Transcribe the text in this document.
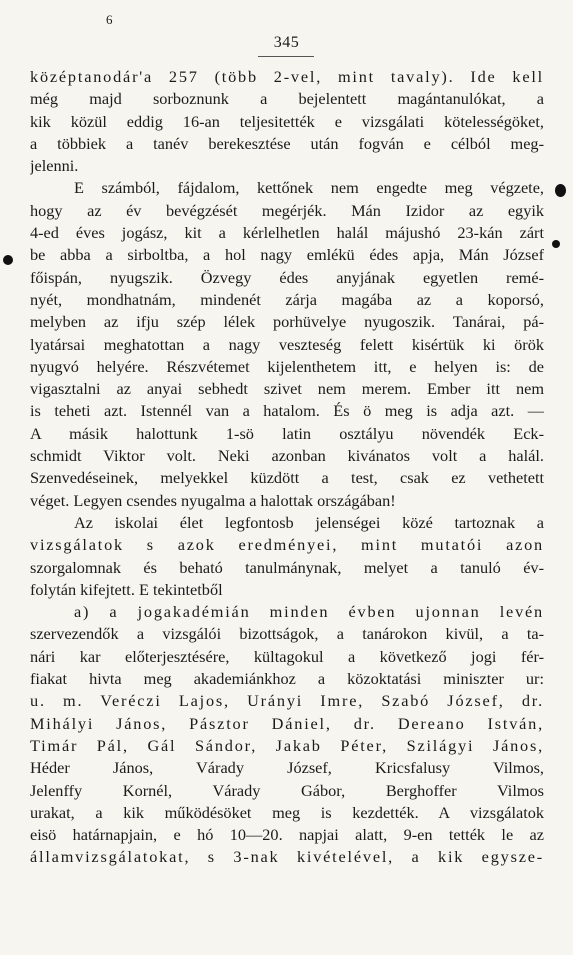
6
345
középtanodár'a 257 (több 2-vel, mint tavaly). Ide kell
még majd sorboznunk a bejelentett magántanulókat, a
kik közül eddig 16-an teljesitették e vizsgálati kötelességöket,
a többiek a tanév berekesztése után fogván e célból meg-
jelenni.
E számból, fájdalom, kettőnek nem engedte meg végzete,
hogy az év bevégzését megérjék. Mán Izidor az egyik
4-ed éves jogász, kit a kérlelhetlen halál májushó 23-kán zárt
be abba a sirboltba, a hol nagy emlékü édes apja, Mán József
főispán, nyugszik. Özvegy édes anyjának egyetlen remé-
nyét, mondhatnám, mindenét zárja magába az a koporsó,
melyben az ifju szép lélek porhüvelye nyugoszik. Tanárai, pá-
lyatársai meghatottan a nagy veszteség felett kisértük ki örök
nyugvó helyére. Részvétemet kijelenthetem itt, e helyen is: de
vigasztalni az anyai sebhedt szivet nem merem. Ember itt nem
is teheti azt. Istennél van a hatalom. És ö meg is adja azt. —
A másik halottunk 1-sö latin osztályu növendék Eck-
schmidt Viktor volt. Neki azonban kivánatos volt a halál.
Szenvedéseinek, melyekkel küzdött a test, csak ez vethetett
véget. Legyen csendes nyugalma a halottak országában!
Az iskolai élet legfontosb jelenségei közé tartoznak a
vizsgálatok s azok eredményei, mint mutatói azon
szorgalomnak és beható tanulmánynak, melyet a tanuló év-
folytán kifejtett. E tekintetből
a) a jogakadémián minden évben ujonnan levén
szervezendők a vizsgálói bizottságok, a tanárokon kivül, a ta-
nári kar előterjesztésére, kültagokul a következő jogi fér-
fiakat hivta meg akademiánkhoz a közoktatási miniszter ur:
u. m. Veréczi Lajos, Urányi Imre, Szabó József, dr.
Mihályi János, Pásztor Dániel, dr. Dereano István,
Timár Pál, Gál Sándor, Jakab Péter, Szilágyi János,
Héder János, Várady József, Kricsfalusy Vilmos,
Jelenffy Kornél, Várady Gábor, Berghoffer Vilmos
urakat, a kik működésöket meg is kezdették. A vizsgálatok
eisö határnapjain, e hó 10—20. napjai alatt, 9-en tették le az
államvizsgálatokat, s 3-nak kivételével, a kik egysze-
